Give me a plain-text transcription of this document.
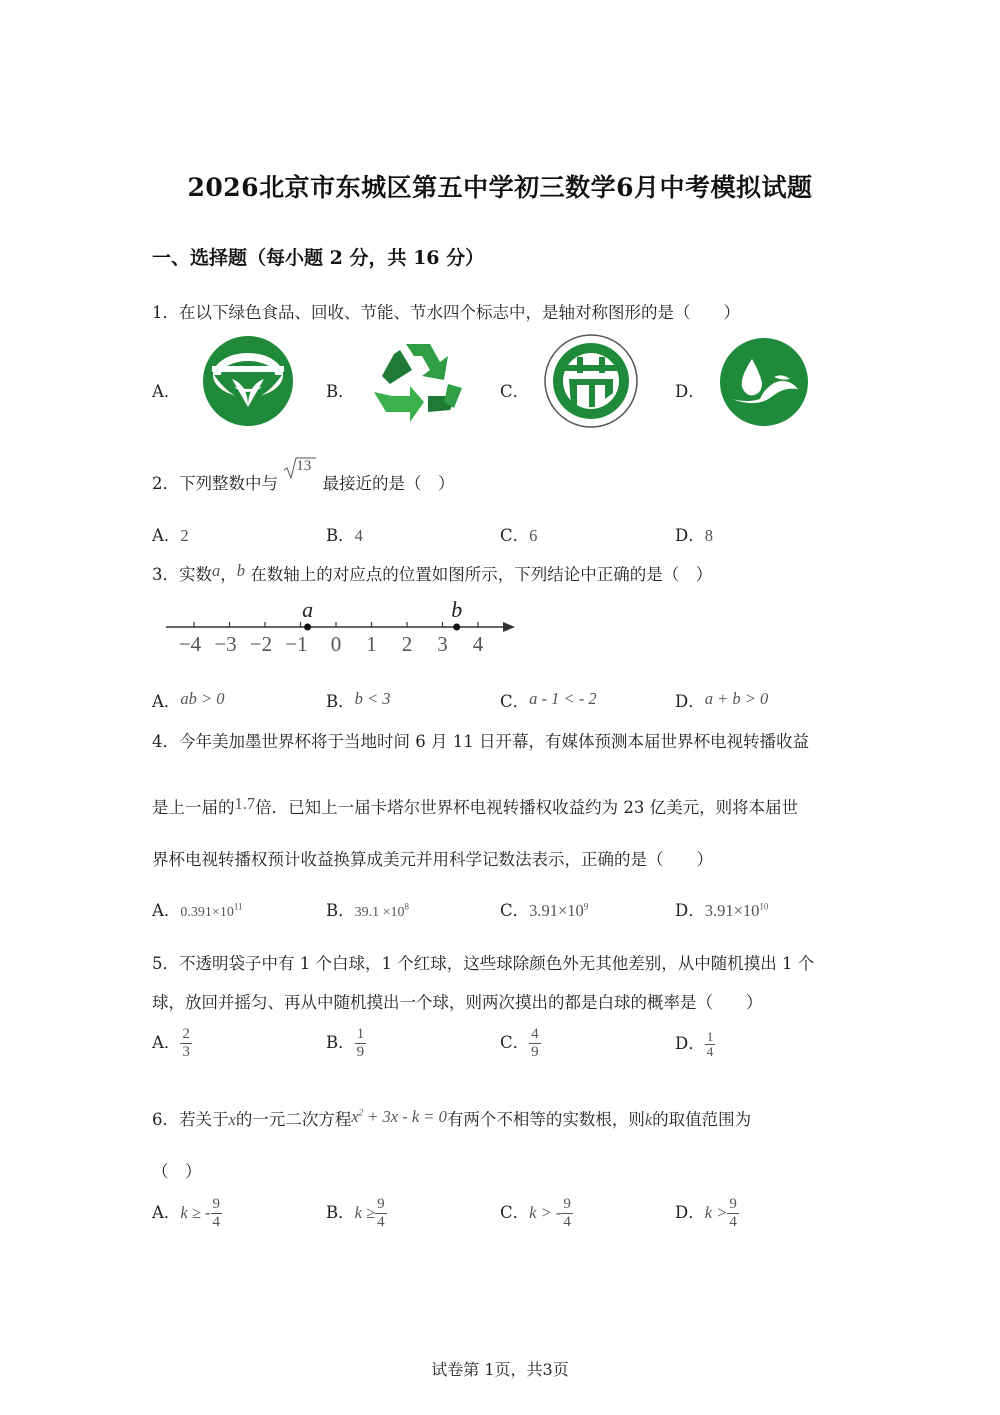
2026北京市东城区第五中学初三数学6月中考模拟试题
一、选择题（每小题 2 分，共 16 分）
1．在以下绿色食品、回收、节能、节水四个标志中，是轴对称图形的是（　　）
A．	B．	C．	D．
2．下列整数中与
13
最接近的是（　）
A．2	B．4	C．6	D．8
3．实数a，b 在数轴上的对应点的位置如图所示，下列结论中正确的是（　）
−4 −3 −2 −1 0 1 2 3 4
a	b
A．ab > 0	B．b < 3	C．a - 1 < - 2	D．a + b > 0
4．今年美加墨世界杯将于当地时间 6 月 11 日开幕，有媒体预测本届世界杯电视转播收益
是上一届的1.7倍．已知上一届卡塔尔世界杯电视转播权收益约为 23 亿美元，则将本届世
界杯电视转播权预计收益换算成美元并用科学记数法表示，正确的是（　　）
A．$0.391\times 10^{11}$	B．$39.1 \times 10^8$	C．$3.91\times 10^9$	D．$3.91\times 10^{10}$
5．不透明袋子中有 1 个白球，1 个红球，这些球除颜色外无其他差别，从中随机摸出 1 个
球，放回并摇匀、再从中随机摸出一个球，则两次摸出的都是白球的概率是（　　）
A． $\frac{2}{3}$	B． $\frac{1}{9}$	C． $\frac{4}{9}$	D． $\frac{1}{4}$
6．若关于x的一元二次方程$x^2 + 3x - k = 0$有两个不相等的实数根，则k的取值范围为
（　）
A．k ≥ - $\frac{9}{4}$	B．$k \ge \frac{9}{4}$	C．k > - $\frac{9}{4}$	D．$k > \frac{9}{4}$
试卷第 1页，共3页
